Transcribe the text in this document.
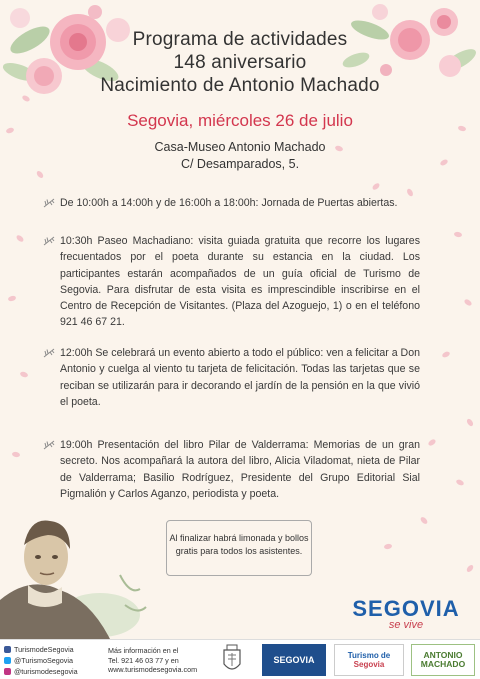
Programa de actividades
148 aniversario
Nacimiento de Antonio Machado
Segovia, miércoles 26 de julio
Casa-Museo Antonio Machado
C/ Desamparados, 5.
De 10:00h a 14:00h y de 16:00h a 18:00h: Jornada de Puertas abiertas.
10:30h Paseo Machadiano: visita guiada gratuita que recorre los lugares frecuentados por el poeta durante su estancia en la ciudad. Los participantes estarán acompañados de un guía oficial de Turismo de Segovia. Para disfrutar de esta visita es imprescindible inscribirse en el Centro de Recepción de Visitantes. (Plaza del Azoguejo, 1) o en el teléfono 921 46 67 21.
12:00h Se celebrará un evento abierto a todo el público: ven a felicitar a Don Antonio y cuelga al viento tu tarjeta de felicitación. Todas las tarjetas que se reciban se utilizarán para ir decorando el jardín de la pensión en la que vivió el poeta.
19:00h Presentación del libro Pilar de Valderrama: Memorias de un gran secreto. Nos acompañará la autora del libro, Alicia Viladomat, nieta de Pilar de Valderrama; Basilio Rodríguez, Presidente del Grupo Editorial Sial Pigmalión y Carlos Aganzo, periodista y poeta.
Al finalizar habrá limonada y bollos
gratis para todos los asistentes.
SEGOVIA
se vive
TurismodeSegovia
@TurismoSegovia
@turismodesegovia
Más información en el
Tel. 921 46 03 77 y en
www.turismodesegovia.com
SEGOVIA	Turismo de
Segovia
ANTONIO
MACHADO
